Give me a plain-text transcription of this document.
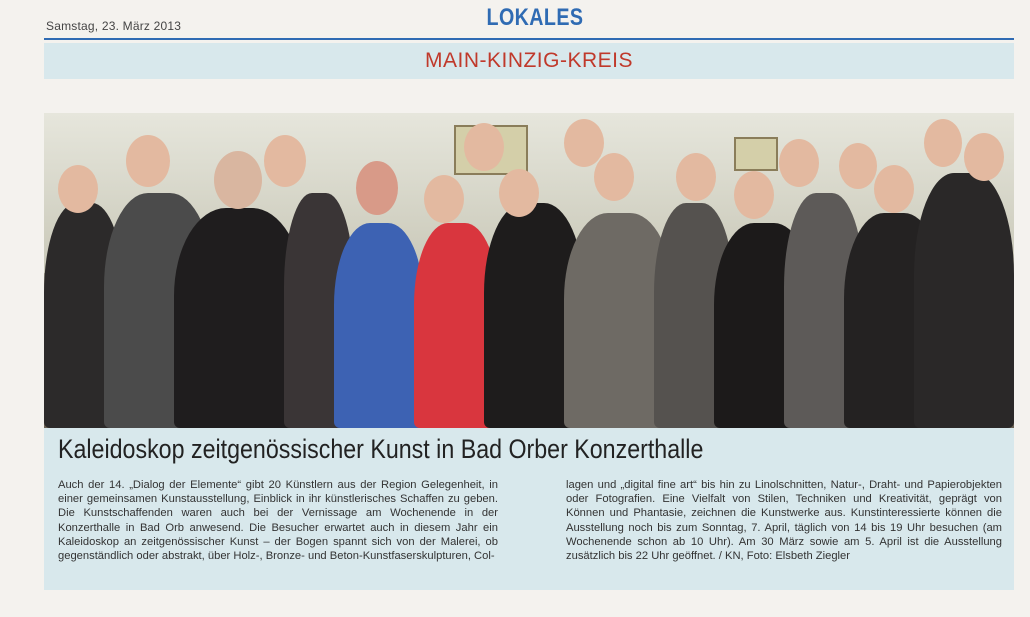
Samstag, 23. März 2013	LOKALES
MAIN-KINZIG-KREIS
Kaleidoskop zeitgenössischer Kunst in Bad Orber Konzerthalle
Auch der 14. „Dialog der Elemente“ gibt 20 Künstlern aus der Region Gelegenheit, in einer gemeinsamen Kunstausstellung, Einblick in ihr künstlerisches Schaffen zu geben. Die Kunstschaffenden waren auch bei der Vernissage am Wochenende in der Konzerthalle in Bad Orb anwesend. Die Besucher erwartet auch in diesem Jahr ein Kaleidoskop an zeitgenössischer Kunst – der Bogen spannt sich von der Malerei, ob gegenständlich oder abstrakt, über Holz-, Bronze- und Beton-Kunstfaserskulpturen, Col-
lagen und „digital fine art“ bis hin zu Linolschnitten, Natur-, Draht- und Papierobjekten oder Fotografien. Eine Vielfalt von Stilen, Techniken und Kreativität, geprägt von Können und Phantasie, zeichnen die Kunstwerke aus. Kunstinteressierte können die Ausstellung noch bis zum Sonntag, 7. April, täglich von 14 bis 19 Uhr besuchen (am Wochenende schon ab 10 Uhr). Am 30 März sowie am 5. April ist die Ausstellung zusätzlich bis 22 Uhr geöffnet. / KN, Foto: Elsbeth Ziegler
